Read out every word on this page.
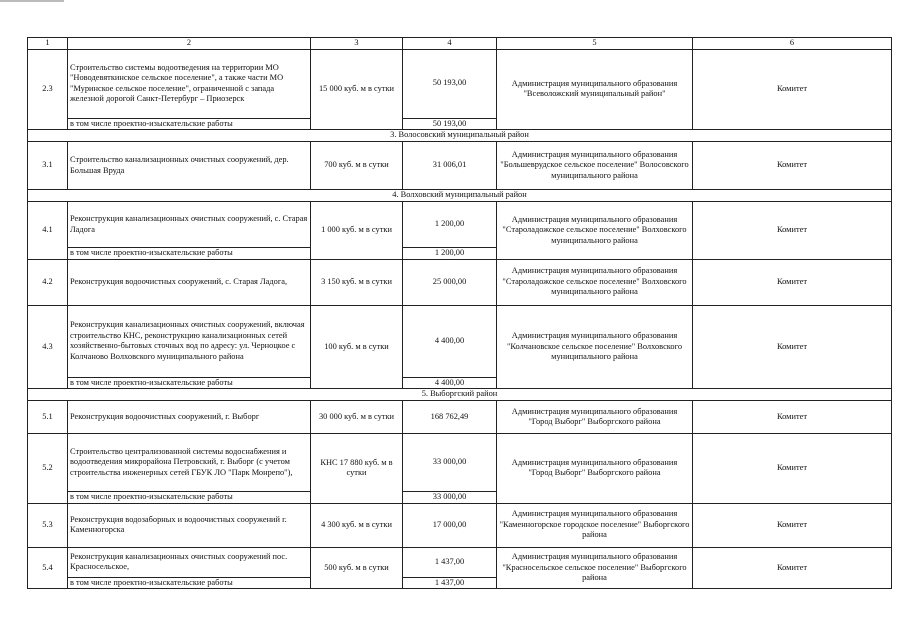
1	2	3	4	5	6
2.3	Строительство системы водоотведения на территории МО "Новодевяткинское сельское поселение", а также части МО "Муринское сельское поселение", ограниченной с запада железной дорогой Санкт-Петербург – Приозерск	15 000 куб. м в сутки	50 193,00	Администрация муниципального образования "Всеволожский муниципальный район"	Комитет
	в том числе проектно-изыскательские работы		50 193,00		
3. Волосовский муниципальный район					
3.1	Строительство канализационных очистных сооружений, дер. Большая Вруда	700 куб. м в сутки	31 006,01	Администрация муниципального образования "Большеврудское сельское поселение" Волосовского муниципального района	Комитет
4. Волховский муниципальный район					
4.1	Реконструкция канализационных очистных сооружений, с. Старая Ладога	1 000 куб. м в сутки	1 200,00	Администрация муниципального образования "Староладожское сельское поселение" Волховского муниципального района	Комитет
	в том числе проектно-изыскательские работы		1 200,00		
4.2	Реконструкция водоочистных сооружений, с. Старая Ладога,	3 150 куб. м в сутки	25 000,00	Администрация муниципального образования "Староладожское сельское поселение" Волховского муниципального района	Комитет
4.3	Реконструкция канализационных очистных сооружений, включая строительство КНС, реконструкцию канализационных сетей хозяйственно-бытовых сточных вод по адресу: ул. Черноцкое с Колчаново Волховского муниципального района	100 куб. м в сутки	4 400,00	Администрация муниципального образования "Колчановское сельское поселение" Волховского муниципального района	Комитет
	в том числе проектно-изыскательские работы		4 400,00		
5. Выборгский район					
5.1	Реконструкция водоочистных сооружений, г. Выборг	30 000 куб. м в сутки	168 762,49	Администрация муниципального образования "Город Выборг" Выборгского района	Комитет
5.2	Строительство централизованной системы водоснабжения и водоотведения микрорайона Петровский, г. Выборг (с учетом строительства инженерных сетей ГБУК ЛО "Парк Монрепо"),	КНС 17 880 куб. м в сутки	33 000,00	Администрация муниципального образования "Город Выборг" Выборгского района	Комитет
	в том числе проектно-изыскательские работы		33 000,00		
5.3	Реконструкция водозаборных и водоочистных сооружений г. Каменногорска	4 300 куб. м в сутки	17 000,00	Администрация муниципального образования "Каменногорское городское поселение" Выборгского района	Комитет
5.4	Реконструкция канализационных очистных сооружений пос. Красносельское,	500 куб. м в сутки	1 437,00	Администрация муниципального образования "Красносельское сельское поселение" Выборгского района	Комитет
	в том числе проектно-изыскательские работы		1 437,00		
